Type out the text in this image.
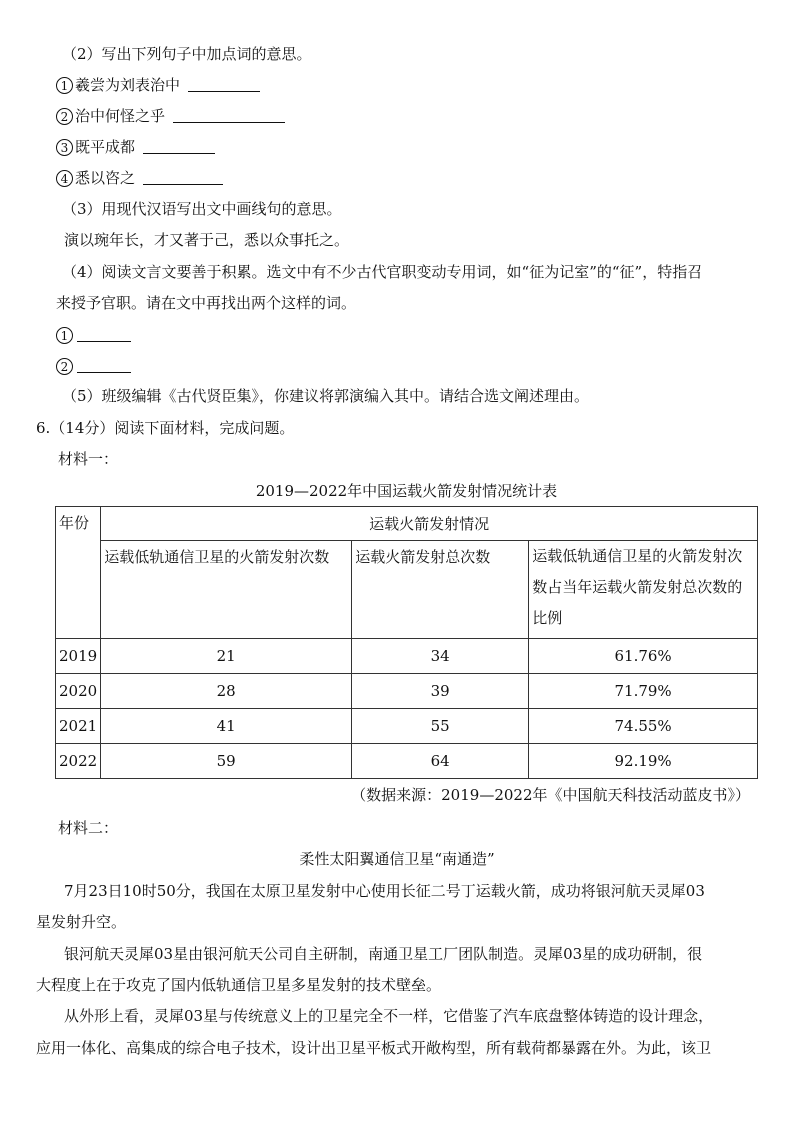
（2）写出下列句子中加点词的意思。
1 羲尝为刘表治中
2 治中何怪之乎
3 既平成都
4 悉以咨之
（3）用现代汉语写出文中画线句的意思。
演以琬年长，才又著于己，悉以众事托之。
（4）阅读文言文要善于积累。选文中有不少古代官职变动专用词，如“征为记室”的“征”，特指召
来授予官职。请在文中再找出两个这样的词。
1
2
（5）班级编辑《古代贤臣集》，你建议将郭演编入其中。请结合选文阐述理由。
6.（14分）阅读下面材料，完成问题。
材料一：
2019—2022年中国运载火箭发射情况统计表
年份	运载火箭发射情况		
	运载低轨通信卫星的火箭发射次数	运载火箭发射总次数	运载低轨通信卫星的火箭发射次
数占当年运载火箭发射总次数的
比例

2019	21	34	61.76%
2020	28	39	71.79%
2021	41	55	74.55%
2022	59	64	92.19%
（数据来源：2019—2022年《中国航天科技活动蓝皮书》）
材料二：
柔性太阳翼通信卫星“南通造”
7月23日10时50分，我国在太原卫星发射中心使用长征二号丁运载火箭，成功将银河航天灵犀03
星发射升空。
银河航天灵犀03星由银河航天公司自主研制，南通卫星工厂团队制造。灵犀03星的成功研制，很
大程度上在于攻克了国内低轨通信卫星多星发射的技术壁垒。
从外形上看，灵犀03星与传统意义上的卫星完全不一样，它借鉴了汽车底盘整体铸造的设计理念，
应用一体化、高集成的综合电子技术，设计出卫星平板式开敞构型，所有载荷都暴露在外。为此，该卫
